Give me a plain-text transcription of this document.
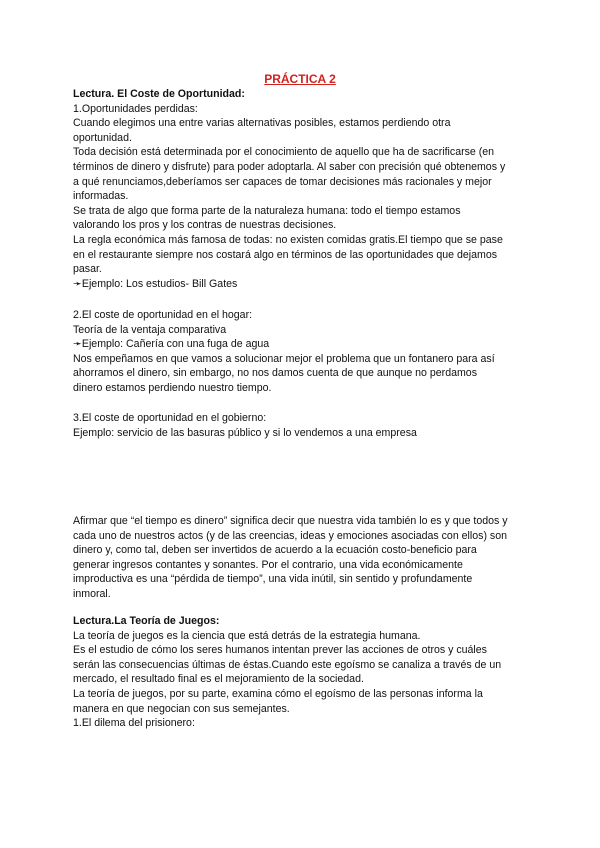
PRÁCTICA 2

Lectura. El Coste de Oportunidad:

1.Oportunidades perdidas:

Cuando elegimos una entre varias alternativas posibles, estamos perdiendo otra

oportunidad.

Toda decisión está determinada por el conocimiento de aquello que ha de sacrificarse (en

términos de dinero y disfrute) para poder adoptarla. Al saber con precisión qué obtenemos y

a qué renunciamos,deberíamos ser capaces de tomar decisiones más racionales y mejor

informadas.

Se trata de algo que forma parte de la naturaleza humana: todo el tiempo estamos

valorando los pros y los contras de nuestras decisiones.

La regla económica más famosa de todas: no existen comidas gratis.El tiempo que se pase

en el restaurante siempre nos costará algo en términos de las oportunidades que dejamos

pasar.

➛Ejemplo: Los estudios- Bill Gates

2.El coste de oportunidad en el hogar:

Teoría de la ventaja comparativa

➛Ejemplo: Cañería con una fuga de agua

Nos empeñamos en que vamos a solucionar mejor el problema que un fontanero para así

ahorramos el dinero, sin embargo, no nos damos cuenta de que aunque no perdamos

dinero estamos perdiendo nuestro tiempo.

3.El coste de oportunidad en el gobierno:

Ejemplo: servicio de las basuras público y si lo vendemos a una empresa

Afirmar que “el tiempo es dinero” significa decir que nuestra vida también lo es y que todos y

cada uno de nuestros actos (y de las creencias, ideas y emociones asociadas con ellos) son

dinero y, como tal, deben ser invertidos de acuerdo a la ecuación costo-beneficio para

generar ingresos contantes y sonantes. Por el contrario, una vida económicamente

improductiva es una “pérdida de tiempo”, una vida inútil, sin sentido y profundamente

inmoral.

Lectura.La Teoría de Juegos:

La teoría de juegos es la ciencia que está detrás de la estrategia humana.

Es el estudio de cómo los seres humanos intentan prever las acciones de otros y cuáles

serán las consecuencias últimas de éstas.Cuando este egoísmo se canaliza a través de un

mercado, el resultado final es el mejoramiento de la sociedad.

La teoría de juegos, por su parte, examina cómo el egoísmo de las personas informa la

manera en que negocian con sus semejantes.

1.El dilema del prisionero:
